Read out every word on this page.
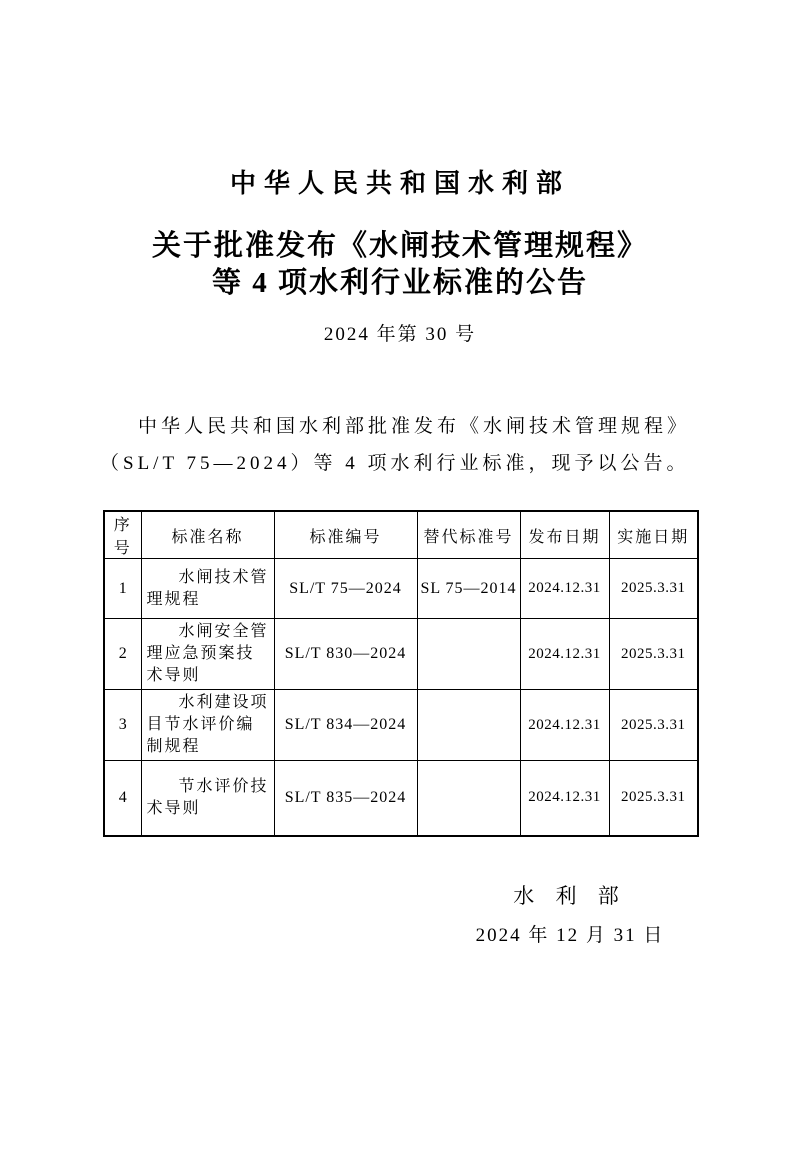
中华人民共和国水利部
关于批准发布《水闸技术管理规程》
等 4 项水利行业标准的公告
2024 年第 30 号
中华人民共和国水利部批准发布《水闸技术管理规程》
（SL/T 75—2024）等 4 项水利行业标准，现予以公告。
序号	标准名称	标准编号	替代标准号	发布日期	实施日期
1	水闸技术管理规程	SL/T 75—2024	SL 75—2014	2024.12.31	2025.3.31
2	水闸安全管理应急预案技术导则	SL/T 830—2024		2024.12.31	2025.3.31
3	水利建设项目节水评价编制规程	SL/T 834—2024		2024.12.31	2025.3.31
4	节水评价技术导则	SL/T 835—2024		2024.12.31	2025.3.31
水 利 部
2024 年 12 月 31 日
